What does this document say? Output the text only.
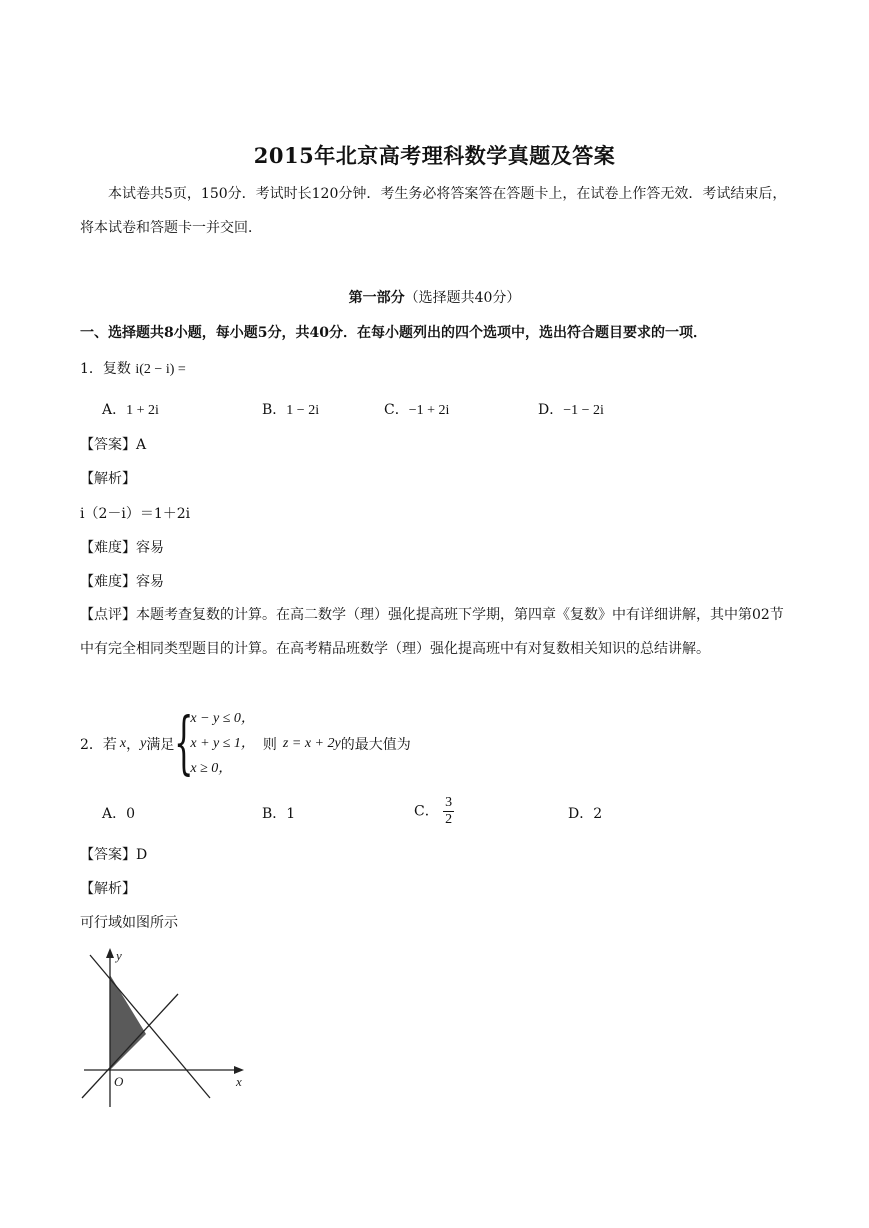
2015年北京高考理科数学真题及答案
本试卷共5页，150分．考试时长120分钟．考生务必将答案答在答题卡上，在试卷上作答无效．考试结束后，将本试卷和答题卡一并交回．
第一部分（选择题共40分）
一、选择题共8小题，每小题5分，共40分．在每小题列出的四个选项中，选出符合题目要求的一项．
1．复数 i(2 − i) =
A．1 + 2i	B．1 − 2i	C．−1 + 2i	D．−1 − 2i
【答案】A
【解析】
i（2－i）＝1＋2i
【难度】容易
【难度】容易
【点评】本题考查复数的计算。在高二数学（理）强化提高班下学期，第四章《复数》中有详细讲解，其中第02节中有完全相同类型题目的计算。在高考精品班数学（理）强化提高班中有对复数相关知识的总结讲解。
2．若 x ， y 满足 {
x − y ≤ 0，
x + y ≤ 1，
x ≥ 0，
则 z = x + 2y 的最大值为
A．0	B．1	C． $\frac{3}{2}$	D．2
【答案】D
【解析】
可行域如图所示
y
x
O
